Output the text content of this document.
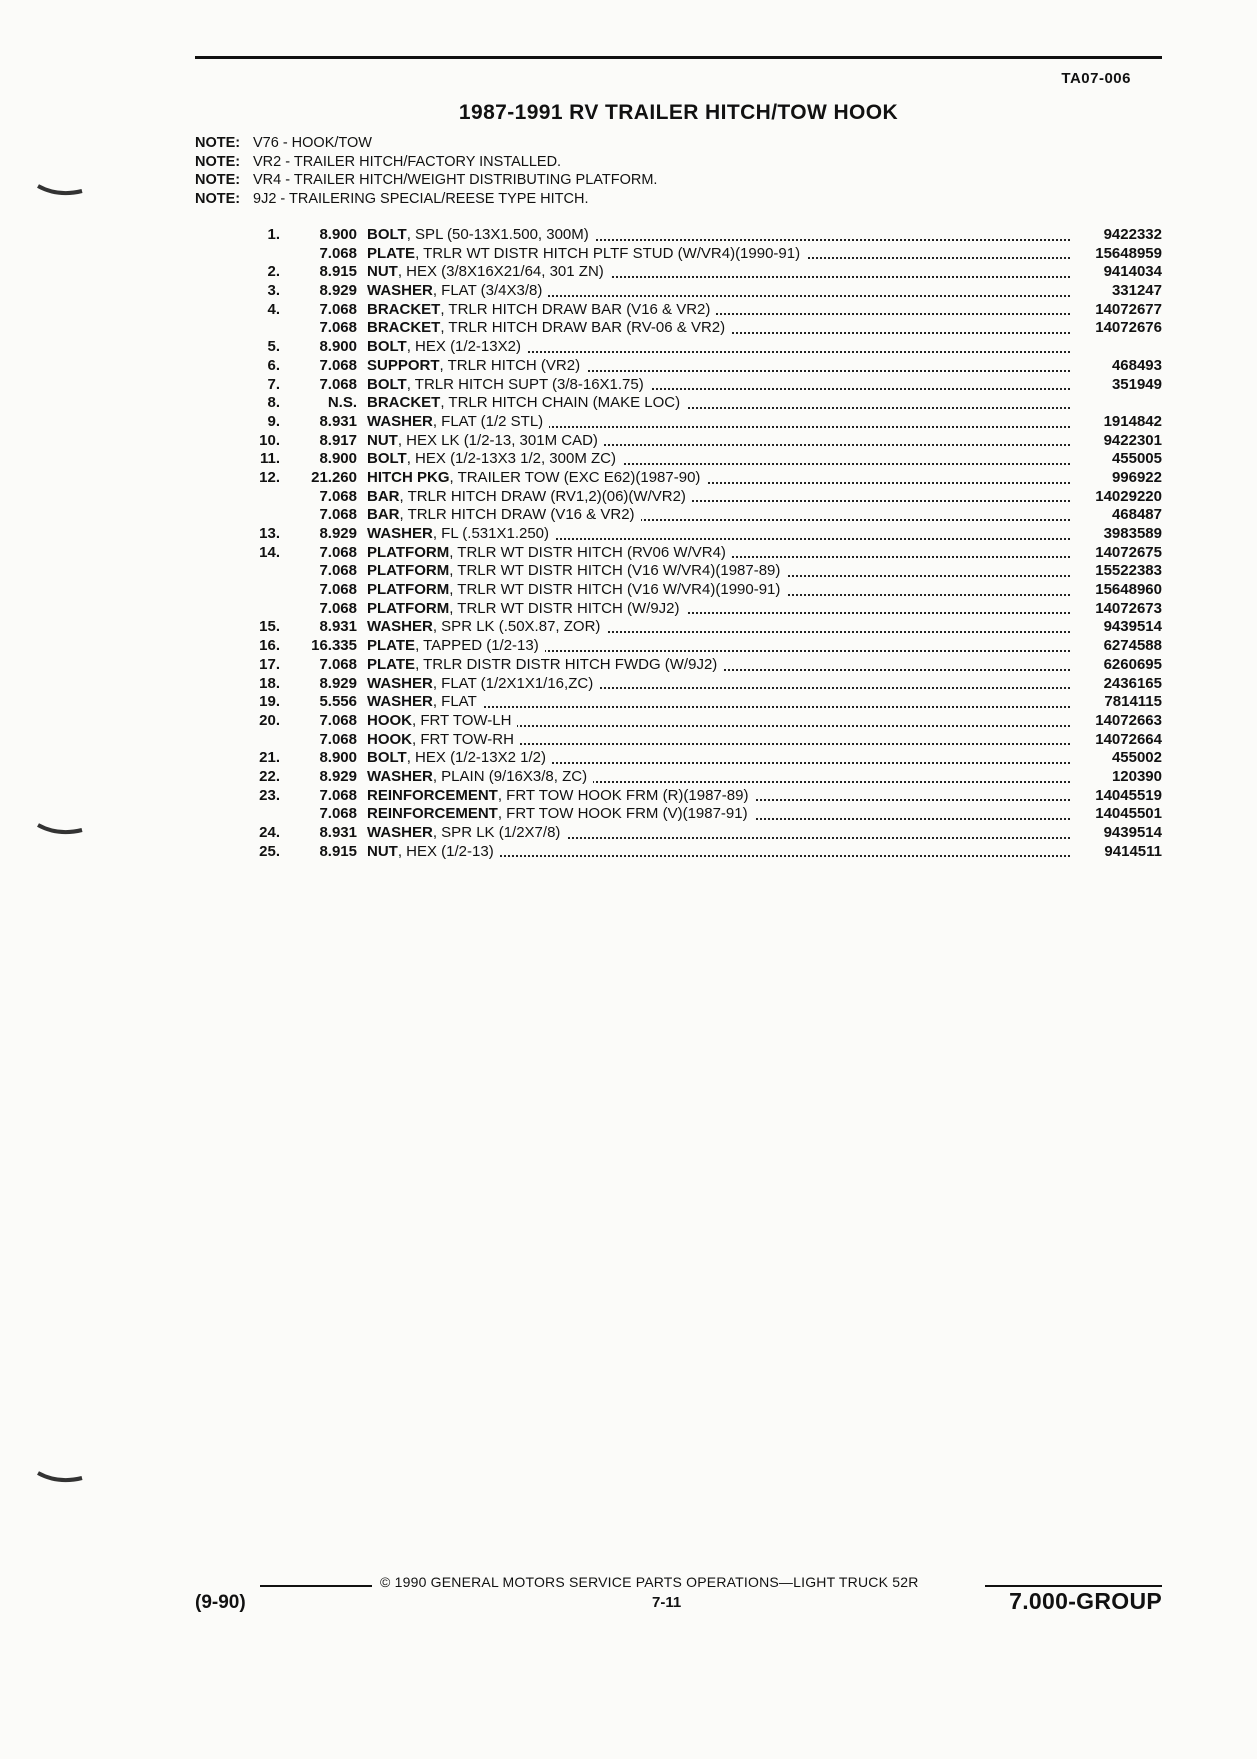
TA07-006
1987-1991 RV TRAILER HITCH/TOW HOOK
NOTE: V76 - HOOK/TOW
NOTE: VR2 - TRAILER HITCH/FACTORY INSTALLED.
NOTE: VR4 - TRAILER HITCH/WEIGHT DISTRIBUTING PLATFORM.
NOTE: 9J2 - TRAILERING SPECIAL/REESE TYPE HITCH.
1.	8.900 BOLT, SPL (50-13X1.500, 300M)	9422332
7.068 PLATE, TRLR WT DISTR HITCH PLTF STUD (W/VR4)(1990-91)	15648959
2.	8.915 NUT, HEX (3/8X16X21/64, 301 ZN)	9414034
3.	8.929 WASHER, FLAT (3/4X3/8)	331247
4.	7.068 BRACKET, TRLR HITCH DRAW BAR (V16 & VR2)	14072677
7.068 BRACKET, TRLR HITCH DRAW BAR (RV-06 & VR2)	14072676
5.	8.900 BOLT, HEX (1/2-13X2)
6.	7.068 SUPPORT, TRLR HITCH (VR2)	468493
7.	7.068 BOLT, TRLR HITCH SUPT (3/8-16X1.75)	351949
8.	N.S. BRACKET, TRLR HITCH CHAIN (MAKE LOC)
9.	8.931 WASHER, FLAT (1/2 STL)	1914842
10.	8.917 NUT, HEX LK (1/2-13, 301M CAD)	9422301
11.	8.900 BOLT, HEX (1/2-13X3 1/2, 300M ZC)	455005
12.	21.260 HITCH PKG, TRAILER TOW (EXC E62)(1987-90)	996922
7.068 BAR, TRLR HITCH DRAW (RV1,2)(06)(W/VR2)	14029220
7.068 BAR, TRLR HITCH DRAW (V16 & VR2)	468487
13.	8.929 WASHER, FL (.531X1.250)	3983589
14.	7.068 PLATFORM, TRLR WT DISTR HITCH (RV06 W/VR4)	14072675
7.068 PLATFORM, TRLR WT DISTR HITCH (V16 W/VR4)(1987-89)	15522383
7.068 PLATFORM, TRLR WT DISTR HITCH (V16 W/VR4)(1990-91)	15648960
7.068 PLATFORM, TRLR WT DISTR HITCH (W/9J2)	14072673
15.	8.931 WASHER, SPR LK (.50X.87, ZOR)	9439514
16.	16.335 PLATE, TAPPED (1/2-13)	6274588
17.	7.068 PLATE, TRLR DISTR DISTR HITCH FWDG (W/9J2)	6260695
18.	8.929 WASHER, FLAT (1/2X1X1/16,ZC)	2436165
19.	5.556 WASHER, FLAT	7814115
20.	7.068 HOOK, FRT TOW-LH	14072663
7.068 HOOK, FRT TOW-RH	14072664
21.	8.900 BOLT, HEX (1/2-13X2 1/2)	455002
22.	8.929 WASHER, PLAIN (9/16X3/8, ZC)	120390
23.	7.068 REINFORCEMENT, FRT TOW HOOK FRM (R)(1987-89)	14045519
7.068 REINFORCEMENT, FRT TOW HOOK FRM (V)(1987-91)	14045501
24.	8.931 WASHER, SPR LK (1/2X7/8)	9439514
25.	8.915 NUT, HEX (1/2-13)	9414511
© 1990 GENERAL MOTORS SERVICE PARTS OPERATIONS—LIGHT TRUCK 52R
(9-90)	7-11	7.000-GROUP
